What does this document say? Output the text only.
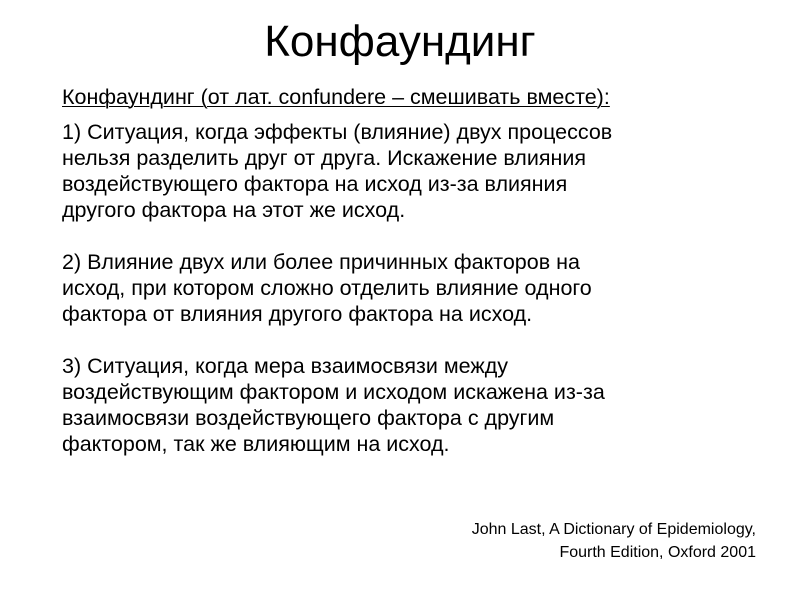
Конфаундинг

Конфаундинг (от лат. confundere – смешивать вместе):

1) Ситуация, когда эффекты (влияние) двух процессов
нельзя разделить друг от друга. Искажение влияния
воздействующего фактора на исход из-за влияния
другого фактора на этот же исход.

2) Влияние двух или более причинных факторов на
исход, при котором сложно отделить влияние одного
фактора от влияния другого фактора на исход.

3) Ситуация, когда мера взаимосвязи между
воздействующим фактором и исходом искажена из-за
взаимосвязи воздействующего фактора с другим
фактором, так же влияющим на исход.

John Last, A Dictionary of Epidemiology,
Fourth Edition, Oxford 2001
